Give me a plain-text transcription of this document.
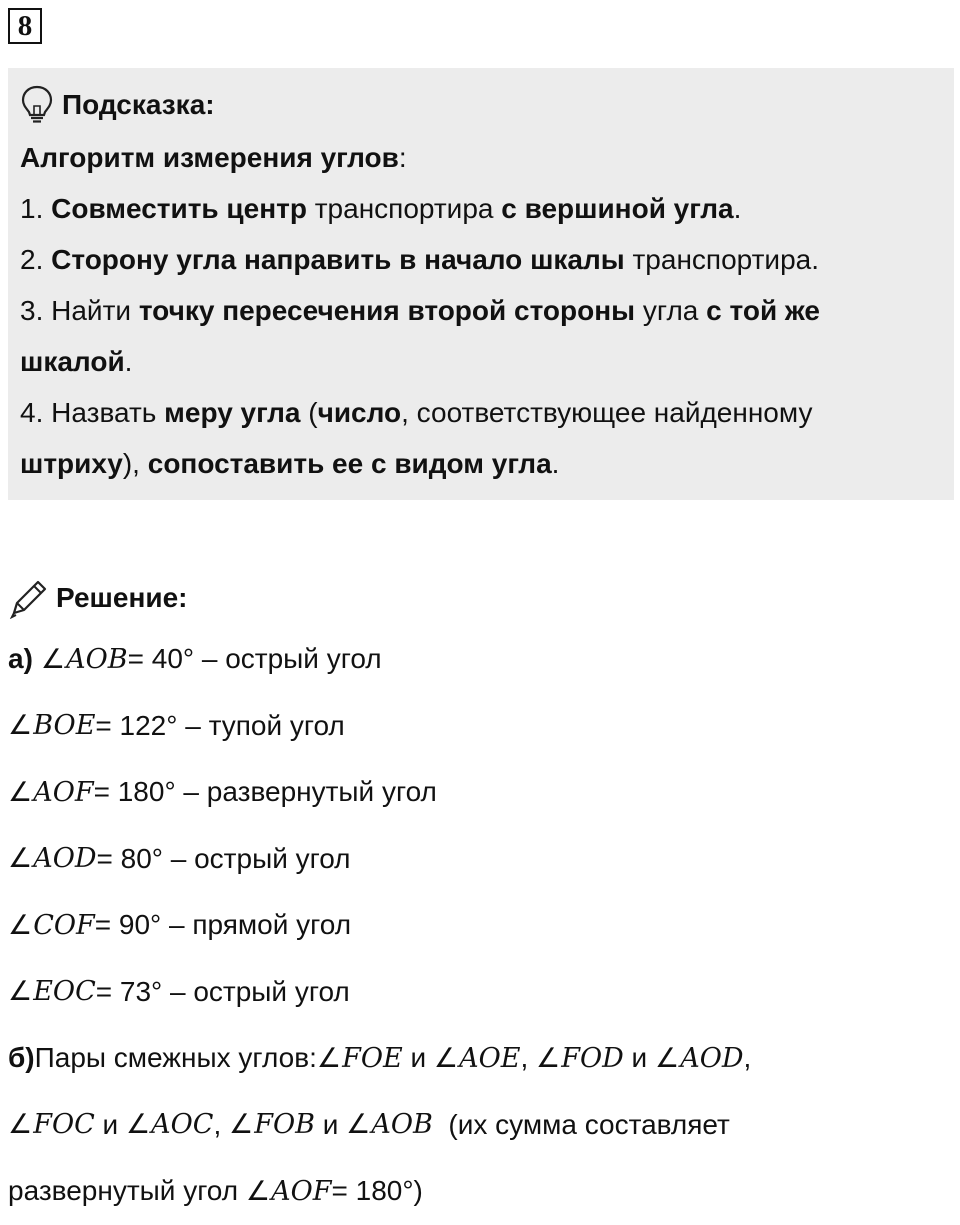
8
Подсказка:

Алгоритм измерения углов:

1. Совместить центр транспортира с вершиной угла.

2. Сторону угла направить в начало шкалы транспортира.

3. Найти точку пересечения второй стороны угла с той же

шкалой.

4. Назвать меру угла (число, соответствующее найденному

штриху), сопоставить ее с видом угла.

Решение:
а) ∠AOB = 40° – острый угол
∠BOE = 122° – тупой угол
∠AOF = 180° – развернутый угол
∠AOD = 80° – острый угол
∠COF = 90° – прямой угол
∠EOC = 73° – острый угол
б) Пары смежных углов: ∠FOE и ∠AOE , ∠FOD и ∠AOD ,
∠FOC и ∠AOC , ∠FOB и ∠AOB (их сумма составляет
развернутый угол ∠AOF = 180°)
